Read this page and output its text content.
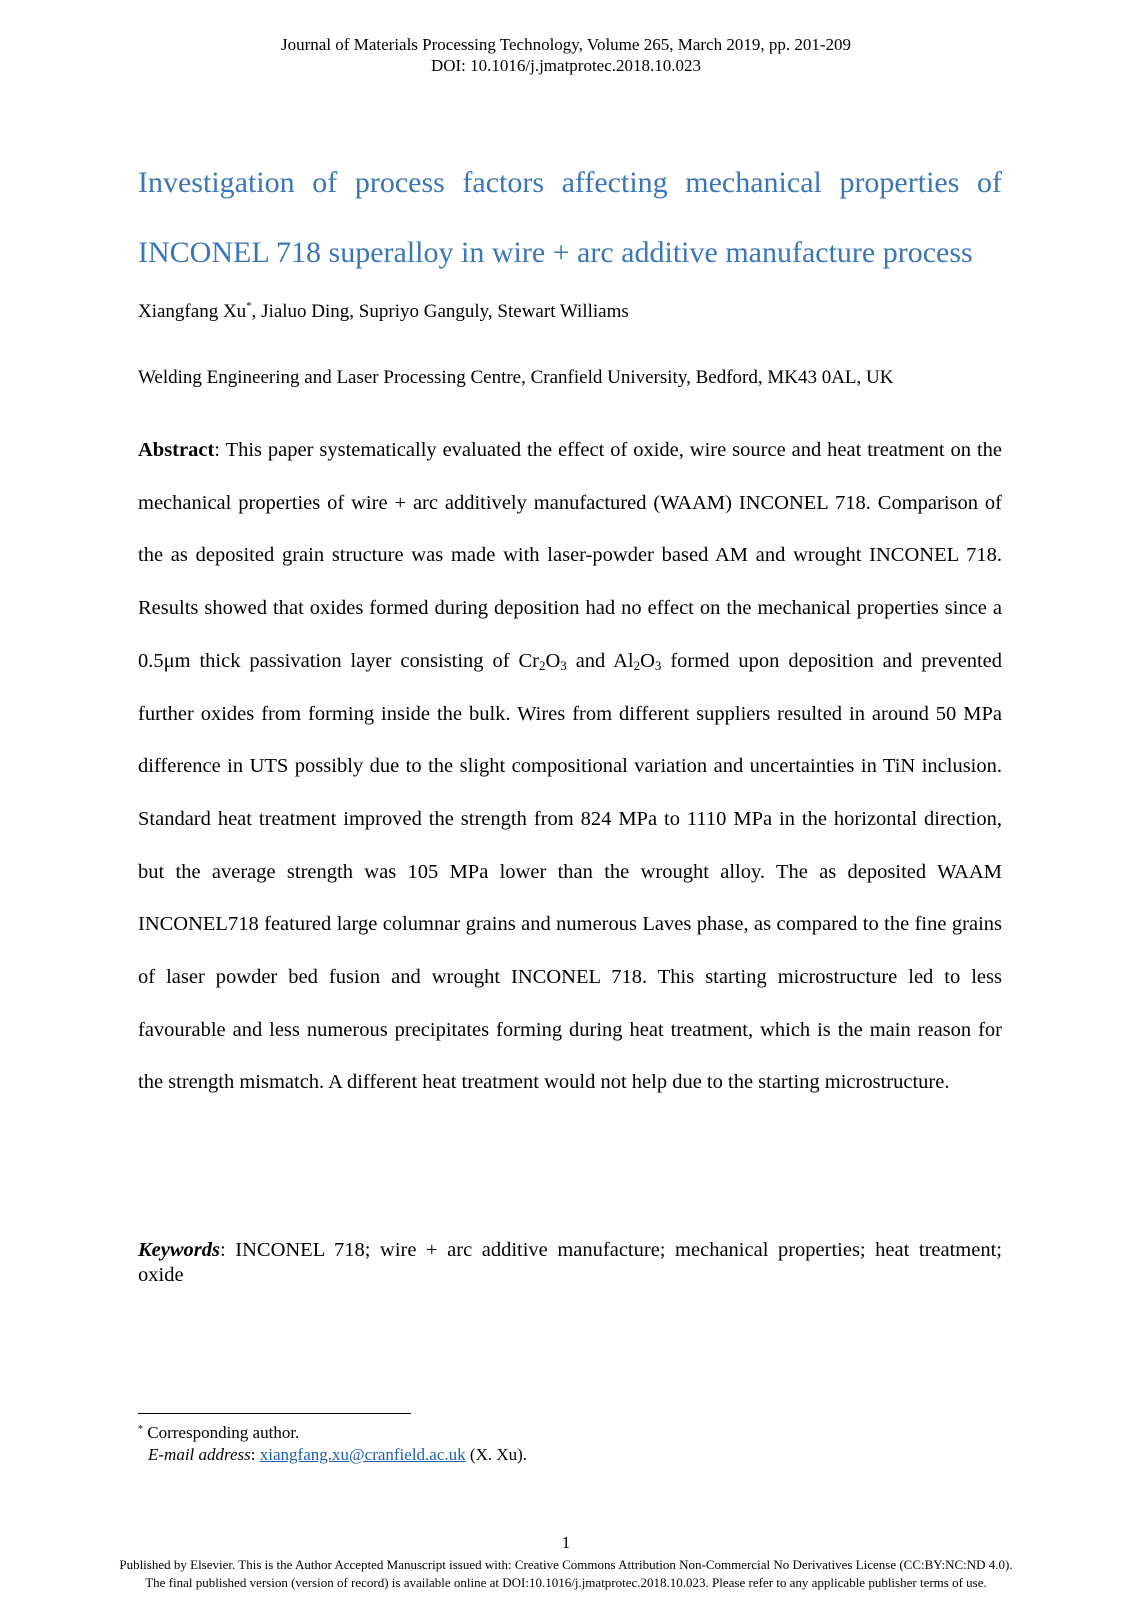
Journal of Materials Processing Technology, Volume 265, March 2019, pp. 201-209
DOI: 10.1016/j.jmatprotec.2018.10.023
Investigation of process factors affecting mechanical properties of INCONEL 718 superalloy in wire + arc additive manufacture process
Xiangfang Xu*, Jialuo Ding, Supriyo Ganguly, Stewart Williams
Welding Engineering and Laser Processing Centre, Cranfield University, Bedford, MK43 0AL, UK

Abstract: This paper systematically evaluated the effect of oxide, wire source and heat treatment on the mechanical properties of wire + arc additively manufactured (WAAM) INCONEL 718. Comparison of the as deposited grain structure was made with laser-powder based AM and wrought INCONEL 718. Results showed that oxides formed during deposition had no effect on the mechanical properties since a 0.5μm thick passivation layer consisting of $Cr_2O_3$ and $Al_2O_3$ formed upon deposition and prevented further oxides from forming inside the bulk. Wires from different suppliers resulted in around 50 MPa difference in UTS possibly due to the slight compositional variation and uncertainties in TiN inclusion. Standard heat treatment improved the strength from 824 MPa to 1110 MPa in the horizontal direction, but the average strength was 105 MPa lower than the wrought alloy. The as deposited WAAM INCONEL718 featured large columnar grains and numerous Laves phase, as compared to the fine grains of laser powder bed fusion and wrought INCONEL 718. This starting microstructure led to less favourable and less numerous precipitates forming during heat treatment, which is the main reason for the strength mismatch. A different heat treatment would not help due to the starting microstructure.

Keywords: INCONEL 718; wire + arc additive manufacture; mechanical properties; heat treatment; oxide

* Corresponding author.
E-mail address: xiangfang.xu@cranfield.ac.uk (X. Xu).
1
Published by Elsevier. This is the Author Accepted Manuscript issued with: Creative Commons Attribution Non-Commercial No Derivatives License (CC:BY:NC:ND 4.0).
The final published version (version of record) is available online at DOI:10.1016/j.jmatprotec.2018.10.023. Please refer to any applicable publisher terms of use.
